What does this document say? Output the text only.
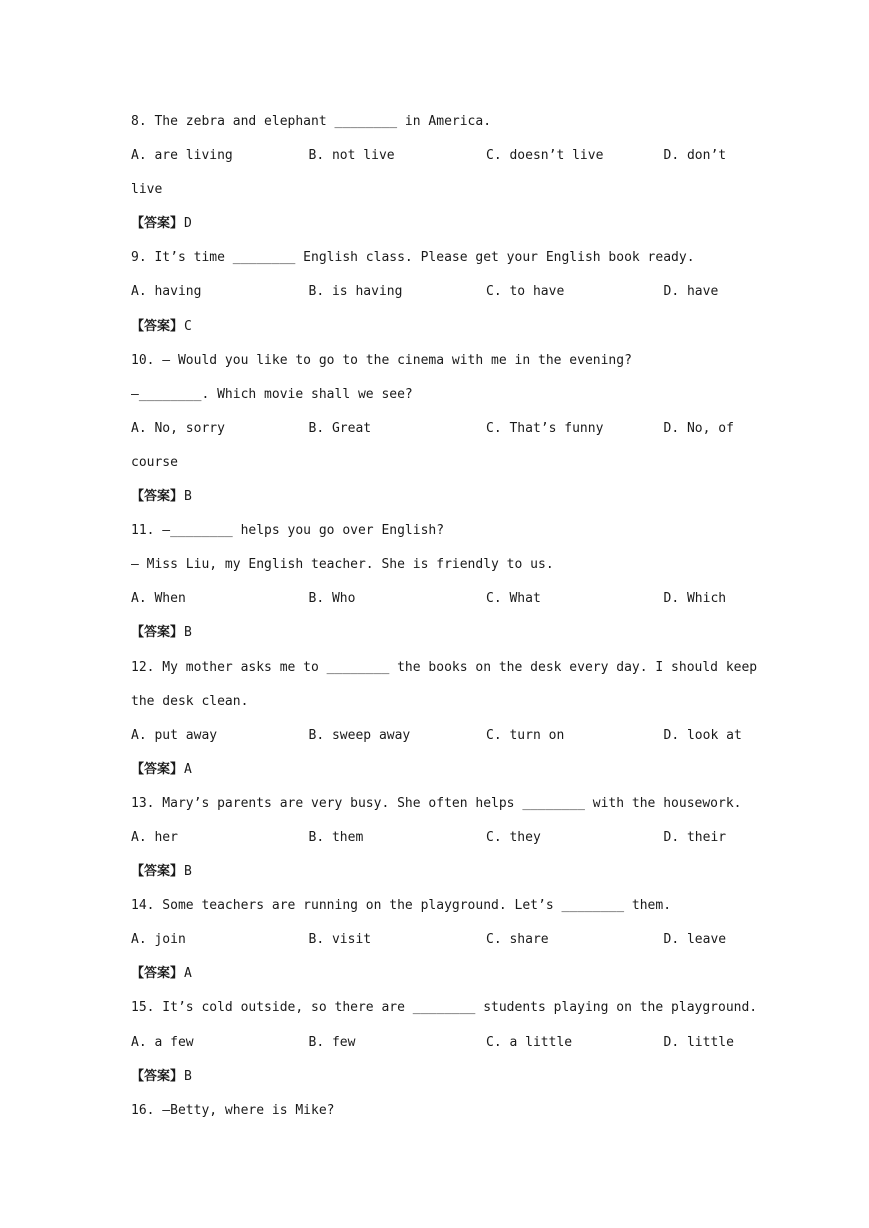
8. The zebra and elephant ________ in America.
A. are living	B. not live	C. doesn’t live	D. don’t
live
【答案】D
9. It’s time ________ English class. Please get your English book ready.
A. having	B. is having	C. to have	D. have
【答案】C
10. — Would you like to go to the cinema with me in the evening?
—________. Which movie shall we see?
A. No, sorry	B. Great	C. That’s funny	D. No, of
course
【答案】B
11. —________ helps you go over English?
— Miss Liu, my English teacher. She is friendly to us.
A. When	B. Who	C. What	D. Which
【答案】B
12. My mother asks me to ________ the books on the desk every day. I should keep
the desk clean.
A. put away	B. sweep away	C. turn on	D. look at
【答案】A
13. Mary’s parents are very busy. She often helps ________ with the housework.
A. her	B. them	C. they	D. their
【答案】B
14. Some teachers are running on the playground. Let’s ________ them.
A. join	B. visit	C. share	D. leave
【答案】A
15. It’s cold outside, so there are ________ students playing on the playground.
A. a few	B. few	C. a little	D. little
【答案】B
16. —Betty, where is Mike?
